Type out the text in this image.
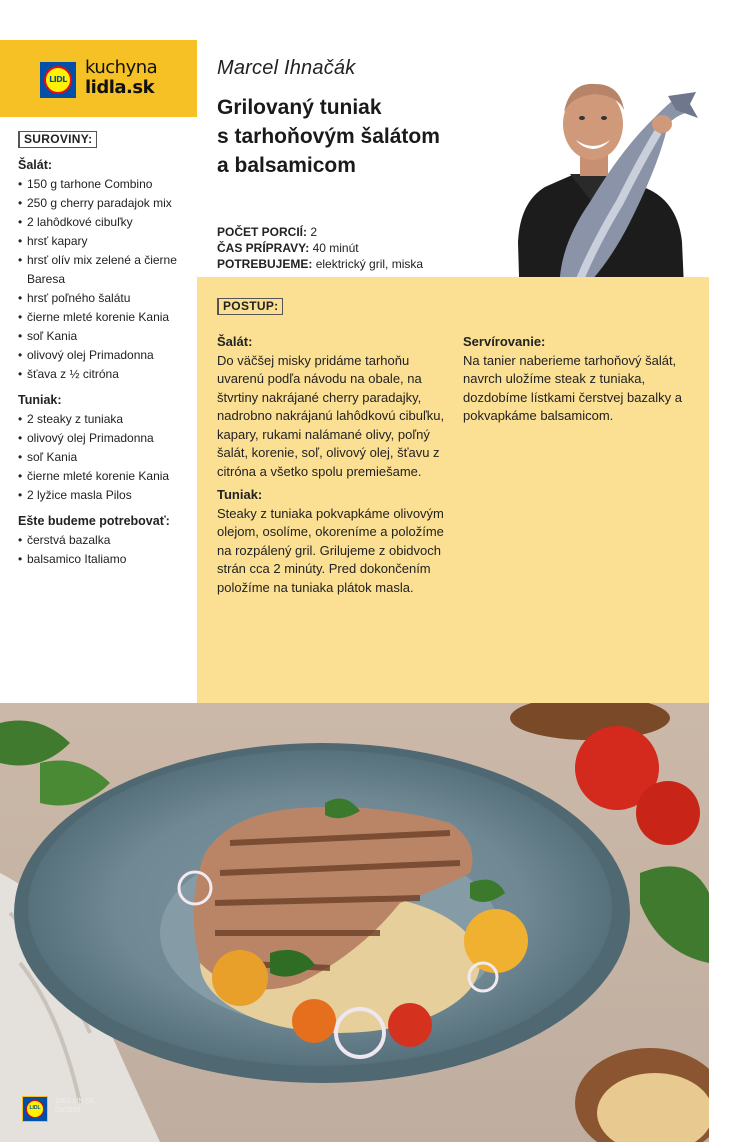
LIDL
kuchyna
lidla.sk
SUROVINY:
Šalát:
• 150 g tarhone Combino
• 250 g cherry paradajok mix
• 2 lahôdkové cibuľky
• hrsť kapary
• hrsť olív mix zelené a čierne Baresa
• hrsť poľného šalátu
• čierne mleté korenie Kania
• soľ Kania
• olivový olej Primadonna
• šťava z ½ citróna
Tuniak:
• 2 steaky z tuniaka
• olivový olej Primadonna
• soľ Kania
• čierne mleté korenie Kania
• 2 lyžice masla Pilos
Ešte budeme potrebovať:
• čerstvá bazalka
• balsamico Italiamo
Marcel Ihnačák
Grilovaný tuniak
s tarhoňovým šalátom
a balsamicom
POČET PORCIÍ: 2
ČAS PRÍPRAVY: 40 minút
POTREBUJEME: elektrický gril, miska
POSTUP:
Šalát:
Do väčšej misky pridáme tarhoňu uvarenú podľa návodu na obale, na štvrtiny nakrájané cherry paradajky, nadrobno nakrájanú lahôdkovú cibuľku, kapary, rukami nalámané olivy, poľný šalát, korenie, soľ, olivový olej, šťavu z citróna a všetko spolu premiešame.
Tuniak:
Steaky z tuniaka pokvapkáme olivovým olejom, osolíme, okoreníme a položíme na rozpálený gril. Grilujeme z obidvoch strán cca 2 minúty. Pred dokončením položíme na tuniaka plátok masla.
Servírovanie:
Na tanier naberieme tarhoňový šalát, navrch uložíme steak z tuniaka, dozdobíme lístkami čerstvej bazalky a pokvapkáme balsamicom.
LIDL
1563 LIN SK
03/2025
